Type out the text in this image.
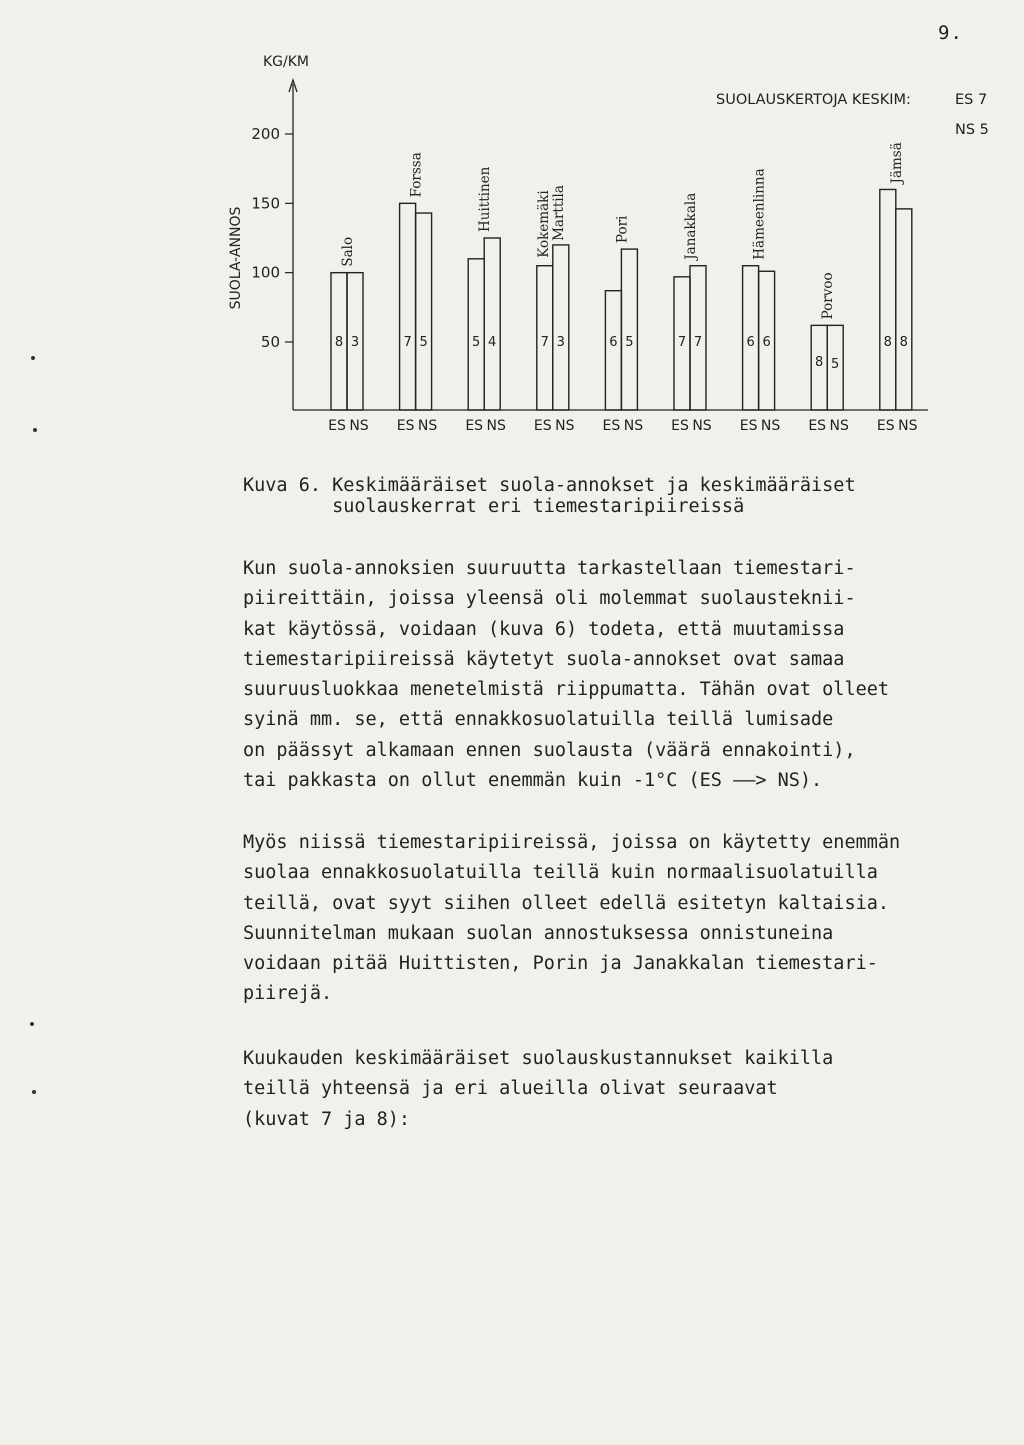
9.
KG/KM
50
100
150
200
SUOLA-ANNOS
SUOLAUSKERTOJA KESKIM:	ES 7
NS 5
8 3
Salo
ES NS
7 5
Forssa
ES NS
5 4
Huittinen
ES NS
7 3
Kokemäki Marttila
ES NS
6 5
Pori
ES NS
7 7
Janakkala
ES NS
6 6
Hämeenlinna
ES NS
8 5
Porvoo
ES NS
8 8
Jämsä
ES NS
Kuva 6. Keskimääräiset suola-annokset ja keskimääräiset
suolauskerrat eri tiemestaripiireissä
Kun suola-annoksien suuruutta tarkastellaan tiemestari-
piireittäin, joissa yleensä oli molemmat suolausteknii-
kat käytössä, voidaan (kuva 6) todeta, että muutamissa
tiemestaripiireissä käytetyt suola-annokset ovat samaa
suuruusluokkaa menetelmistä riippumatta. Tähän ovat olleet
syinä mm. se, että ennakkosuolatuilla teillä lumisade
on päässyt alkamaan ennen suolausta (väärä ennakointi),
tai pakkasta on ollut enemmän kuin -1°C (ES ——> NS).
Myös niissä tiemestaripiireissä, joissa on käytetty enemmän
suolaa ennakkosuolatuilla teillä kuin normaalisuolatuilla
teillä, ovat syyt siihen olleet edellä esitetyn kaltaisia.
Suunnitelman mukaan suolan annostuksessa onnistuneina
voidaan pitää Huittisten, Porin ja Janakkalan tiemestari-
piirejä.
Kuukauden keskimääräiset suolauskustannukset kaikilla
teillä yhteensä ja eri alueilla olivat seuraavat
(kuvat 7 ja 8):
